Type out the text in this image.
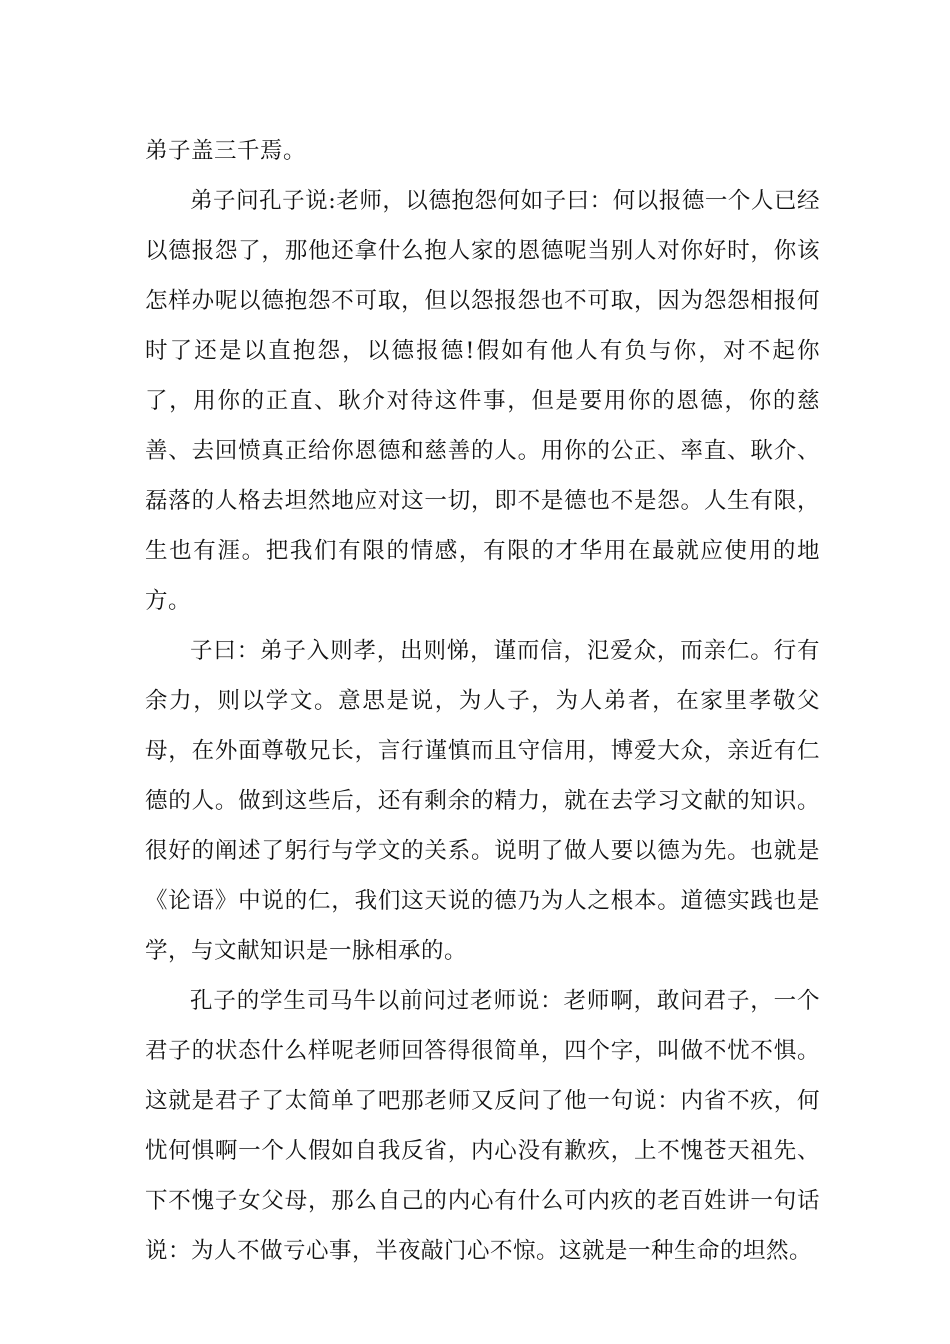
弟子盖三千焉。

弟子问孔子说:老师，以德抱怨何如子曰：何以报德一个人已经以德报怨了，那他还拿什么抱人家的恩德呢当别人对你好时，你该怎样办呢以德抱怨不可取，但以怨报怨也不可取，因为怨怨相报何时了还是以直抱怨，以德报德!假如有他人有负与你，对不起你了，用你的正直、耿介对待这件事，但是要用你的恩德，你的慈善、去回愤真正给你恩德和慈善的人。用你的公正、率直、耿介、磊落的人格去坦然地应对这一切，即不是德也不是怨。人生有限，生也有涯。把我们有限的情感，有限的才华用在最就应使用的地方。

子曰：弟子入则孝，出则悌，谨而信，氾爱众，而亲仁。行有余力，则以学文。意思是说，为人子，为人弟者，在家里孝敬父母，在外面尊敬兄长，言行谨慎而且守信用，博爱大众，亲近有仁德的人。做到这些后，还有剩余的精力，就在去学习文献的知识。很好的阐述了躬行与学文的关系。说明了做人要以德为先。也就是《论语》中说的仁，我们这天说的德乃为人之根本。道德实践也是学，与文献知识是一脉相承的。

孔子的学生司马牛以前问过老师说：老师啊，敢问君子，一个君子的状态什么样呢老师回答得很简单，四个字，叫做不忧不惧。这就是君子了太简单了吧那老师又反问了他一句说：内省不疚，何忧何惧啊一个人假如自我反省，内心没有歉疚，上不愧苍天祖先、下不愧子女父母，那么自己的内心有什么可内疚的老百姓讲一句话说：为人不做亏心事，半夜敲门心不惊。这就是一种生命的坦然。
